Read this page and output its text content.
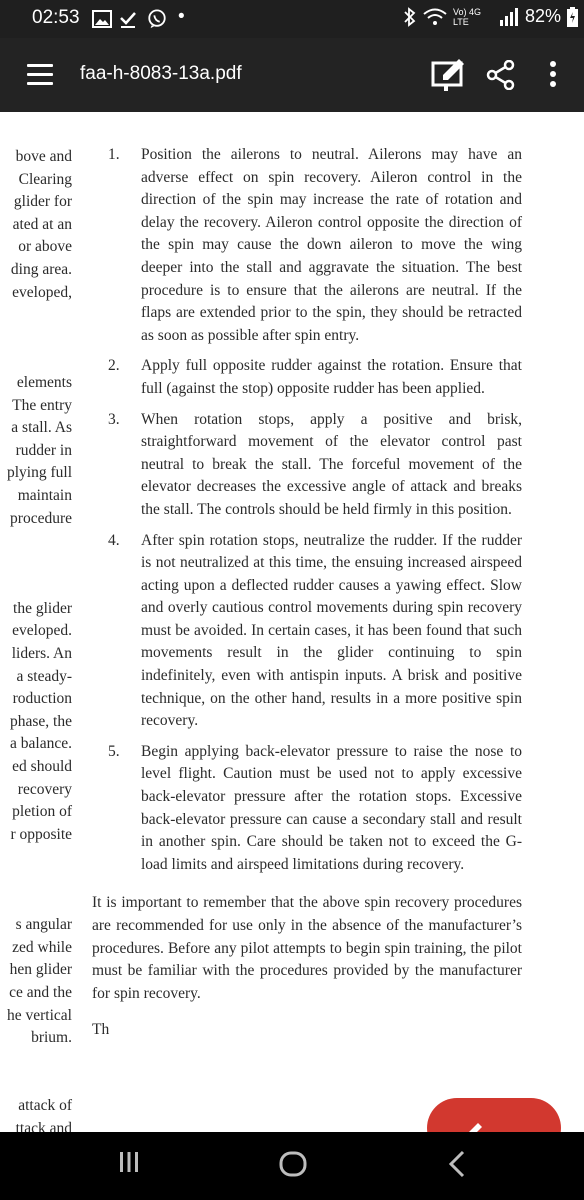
02:53	•	Vo) 4G LTE	82%
faa-h-8083-13a.pdf
bove and
Clearing
glider for
ated at an
or above
ding area.
eveloped,

elements
The entry
a stall. As
rudder in
plying full
maintain
procedure

the glider
eveloped.
liders. An
a steady-
roduction
phase, the
a balance.
ed should
recovery
pletion of
r opposite

s angular
zed while
hen glider
ce and the
he vertical
brium.

attack of
ttack and
1. Position the ailerons to neutral. Ailerons may have an adverse effect on spin recovery. Aileron control in the direction of the spin may increase the rate of rotation and delay the recovery. Aileron control opposite the direction of the spin may cause the down aileron to move the wing deeper into the stall and aggravate the situation. The best procedure is to ensure that the ailerons are neutral. If the flaps are extended prior to the spin, they should be retracted as soon as possible after spin entry.
2. Apply full opposite rudder against the rotation. Ensure that full (against the stop) opposite rudder has been applied.
3. When rotation stops, apply a positive and brisk, straightforward movement of the elevator control past neutral to break the stall. The forceful movement of the elevator decreases the excessive angle of attack and breaks the stall. The controls should be held firmly in this position.
4. After spin rotation stops, neutralize the rudder. If the rudder is not neutralized at this time, the ensuing increased airspeed acting upon a deflected rudder causes a yawing effect. Slow and overly cautious control movements during spin recovery must be avoided. In certain cases, it has been found that such movements result in the glider continuing to spin indefinitely, even with antispin inputs. A brisk and positive technique, on the other hand, results in a more positive spin recovery.
5. Begin applying back-elevator pressure to raise the nose to level flight. Caution must be used not to apply excessive back-elevator pressure after the rotation stops. Excessive back-elevator pressure can cause a secondary stall and result in another spin. Care should be taken not to exceed the G-load limits and airspeed limitations during recovery.
It is important to remember that the above spin recovery procedures are recommended for use only in the absence of the manufacturer’s procedures. Before any pilot attempts to begin spin training, the pilot must be familiar with the procedures provided by the manufacturer for spin recovery.
Th
